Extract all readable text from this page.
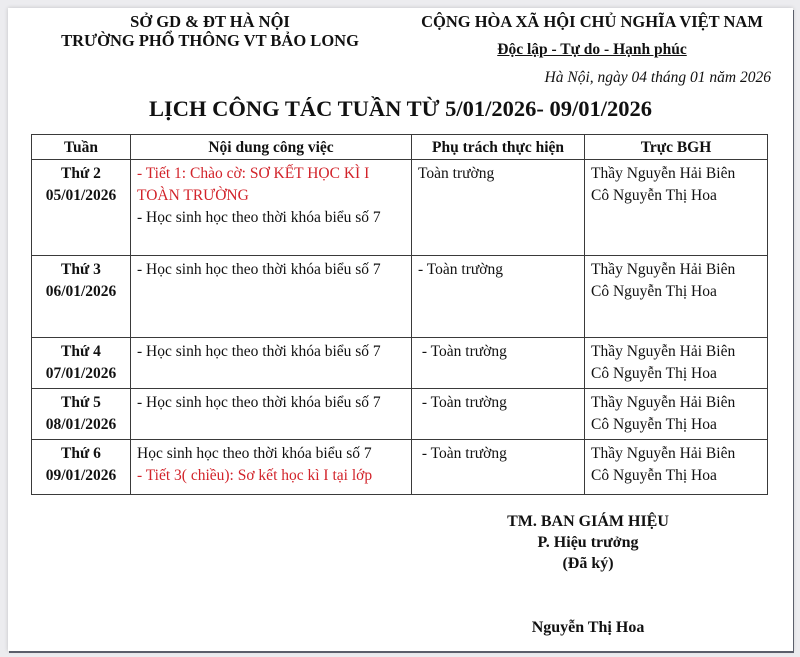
SỞ GD & ĐT HÀ NỘI
TRƯỜNG PHỔ THÔNG VT BẢO LONG
CỘNG HÒA XÃ HỘI CHỦ NGHĨA VIỆT NAM
Độc lập - Tự do - Hạnh phúc
Hà Nội, ngày 04 tháng 01 năm 2026
LỊCH CÔNG TÁC TUẦN TỪ 5/01/2026- 09/01/2026
Tuần	Nội dung công việc	Phụ trách thực hiện	Trực BGH

Thứ 2
05/01/2026	- Tiết 1: Chào cờ: SƠ KẾT HỌC KÌ I TOÀN TRƯỜNG
- Học sinh học theo thời khóa biểu số 7	Toàn trường	Thầy Nguyễn Hải Biên
Cô Nguyễn Thị Hoa

Thứ 3
06/01/2026	- Học sinh học theo thời khóa biểu số 7	- Toàn trường	Thầy Nguyễn Hải Biên
Cô Nguyễn Thị Hoa

Thứ 4
07/01/2026	- Học sinh học theo thời khóa biểu số 7	- Toàn trường	Thầy Nguyễn Hải Biên
Cô Nguyễn Thị Hoa

Thứ 5
08/01/2026	- Học sinh học theo thời khóa biểu số 7	- Toàn trường	Thầy Nguyễn Hải Biên
Cô Nguyễn Thị Hoa

Thứ 6
09/01/2026	Học sinh học theo thời khóa biểu số 7
- Tiết 3( chiều): Sơ kết học kì I tại lớp	- Toàn trường	Thầy Nguyễn Hải Biên
Cô Nguyễn Thị Hoa
TM. BAN GIÁM HIỆU
P. Hiệu trưởng
(Đã ký)
Nguyễn Thị Hoa
